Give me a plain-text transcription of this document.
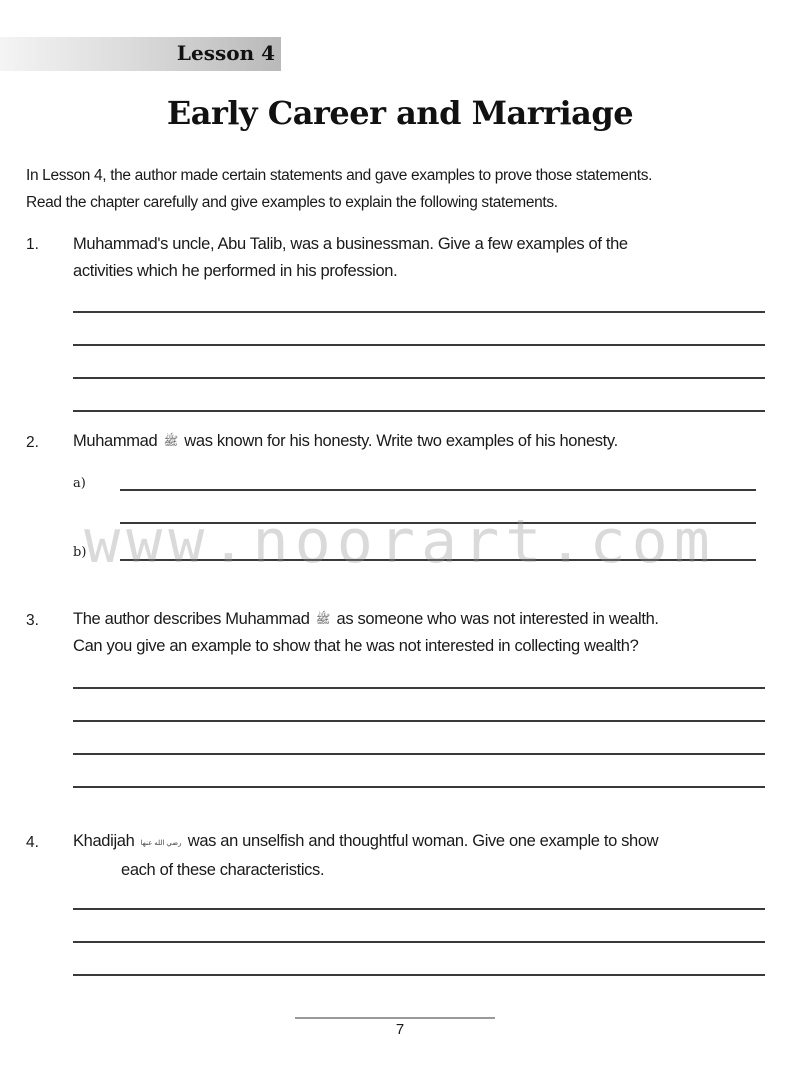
Lesson 4
Early Career and Marriage
In Lesson 4, the author made certain statements and gave examples to prove those statements.
Read the chapter carefully and give examples to explain the following statements.
1. Muhammad's uncle, Abu Talib, was a businessman. Give a few examples of the
activities which he performed in his profession.
2. Muhammad ﷺ was known for his honesty. Write two examples of his honesty.
a)
b)
3. The author describes Muhammad ﷺ as someone who was not interested in wealth.
Can you give an example to show that he was not interested in collecting wealth?
4. Khadijah رضي الله عنها was an unselfish and thoughtful woman. Give one example to show
each of these characteristics.
www.noorart.com
7
